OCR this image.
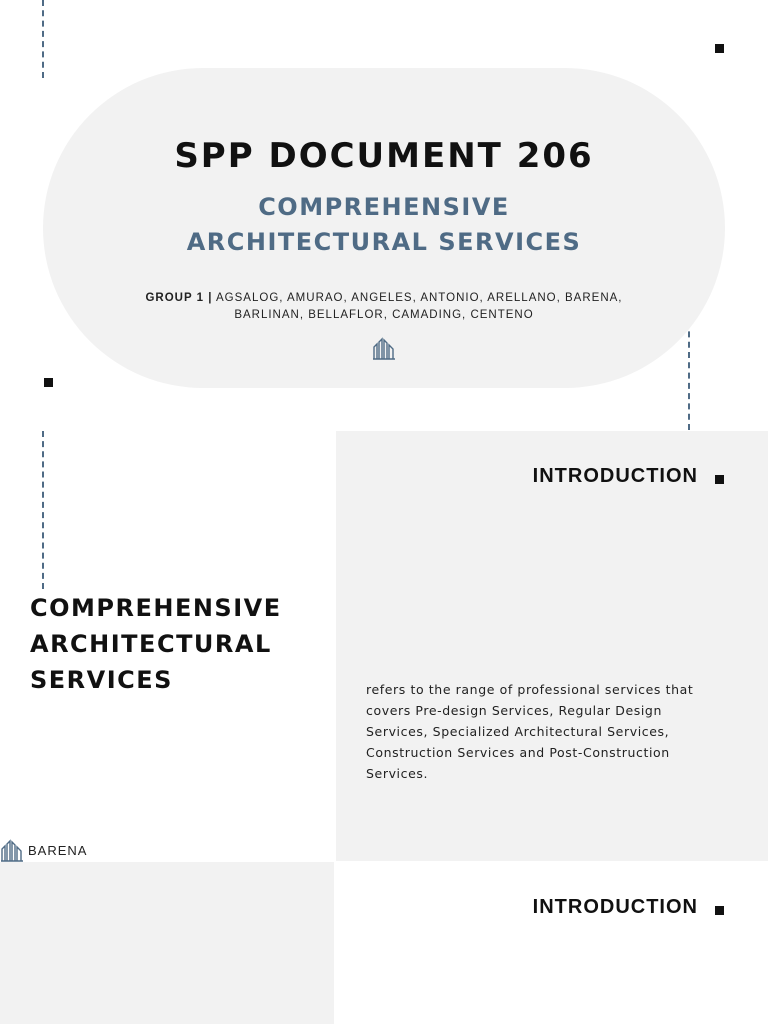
SPP DOCUMENT 206
COMPREHENSIVE
ARCHITECTURAL SERVICES
GROUP 1 | AGSALOG, AMURAO, ANGELES, ANTONIO, ARELLANO, BARENA,
BARLINAN, BELLAFLOR, CAMADING, CENTENO
INTRODUCTION
COMPREHENSIVE
ARCHITECTURAL
SERVICES	refers to the range of professional services that covers Pre-design Services, Regular Design Services, Specialized Architectural Services, Construction Services and Post-Construction Services.

BARENA
INTRODUCTION
